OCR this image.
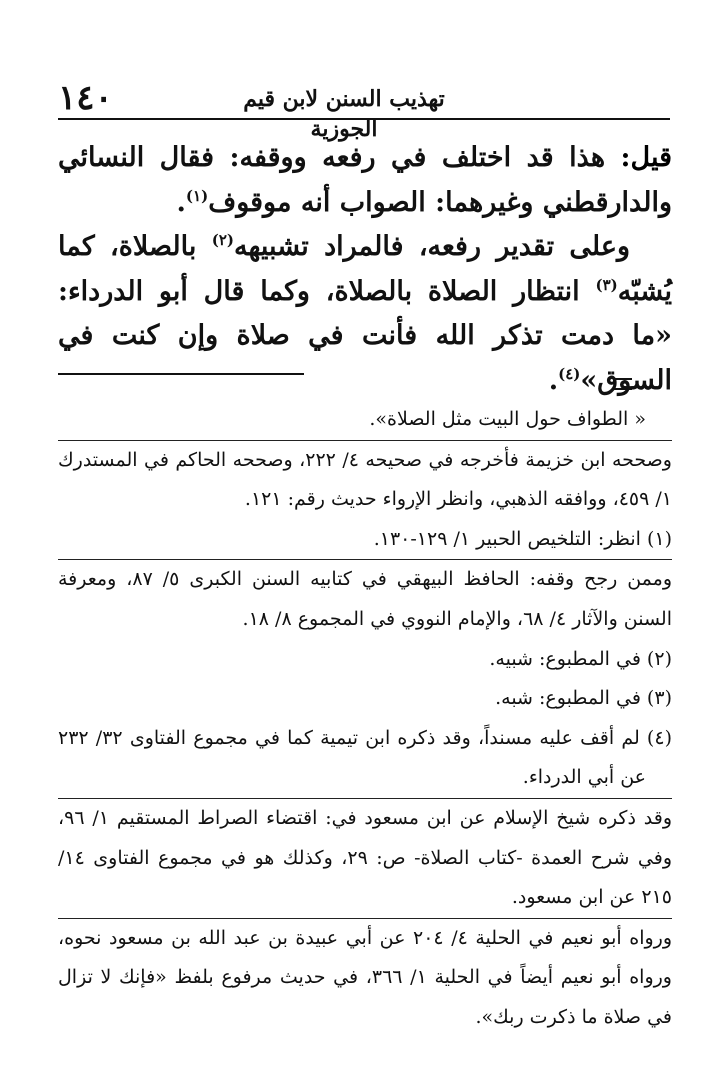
١٤٠	تهذيب السنن لابن قيم الجوزية

قيل: هذا قد اختلف في رفعه ووقفه: فقال النسائي والدارقطني وغيرهما: الصواب أنه موقوف$^{(١)}$.

وعلى تقدير رفعه، فالمراد تشبيهه$^{(٢)}$ بالصلاة، كما يُشبّه$^{(٣)}$ انتظار الصلاة بالصلاة، وكما قال أبو الدرداء: «ما دمت تذكر الله فأنت في صلاة وإن كنت في السوق»$^{(٤)}$.

« الطواف حول البيت مثل الصلاة».

وصححه ابن خزيمة فأخرجه في صحيحه ٤/ ٢٢٢، وصححه الحاكم في المستدرك ١/ ٤٥٩، ووافقه الذهبي، وانظر الإرواء حديث رقم: ١٢١.

(١) انظر: التلخيص الحبير ١/ ١٢٩-١٣٠.

وممن رجح وقفه: الحافظ البيهقي في كتابيه السنن الكبرى ٥/ ٨٧، ومعرفة السنن والآثار ٤/ ٦٨، والإمام النووي في المجموع ٨/ ١٨.

(٢) في المطبوع: شبيه.

(٣) في المطبوع: شبه.

(٤) لم أقف عليه مسنداً، وقد ذكره ابن تيمية كما في مجموع الفتاوى ٣٢/ ٢٣٢ عن أبي الدرداء.

وقد ذكره شيخ الإسلام عن ابن مسعود في: اقتضاء الصراط المستقيم ١/ ٩٦، وفي شرح العمدة -كتاب الصلاة- ص: ٢٩، وكذلك هو في مجموع الفتاوى ١٤/ ٢١٥ عن ابن مسعود.

ورواه أبو نعيم في الحلية ٤/ ٢٠٤ عن أبي عبيدة بن عبد الله بن مسعود نحوه، ورواه أبو نعيم أيضاً في الحلية ١/ ٣٦٦، في حديث مرفوع بلفظ «فإنك لا تزال في صلاة ما ذكرت ربك».
